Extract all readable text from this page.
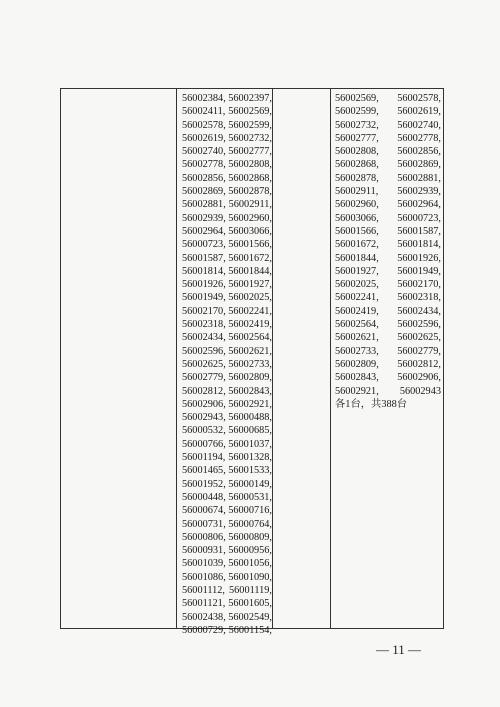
56002384, 56002397,
56002411, 56002569,
56002578, 56002599,
56002619, 56002732,
56002740, 56002777,
56002778, 56002808,
56002856, 56002868,
56002869, 56002878,
56002881, 56002911,
56002939, 56002960,
56002964, 56003066,
56000723, 56001566,
56001587, 56001672,
56001814, 56001844,
56001926, 56001927,
56001949, 56002025,
56002170, 56002241,
56002318, 56002419,
56002434, 56002564,
56002596, 56002621,
56002625, 56002733,
56002779, 56002809,
56002812, 56002843,
56002906, 56002921,
56002943, 56000488,
56000532, 56000685,
56000766, 56001037,
56001194, 56001328,
56001465, 56001533,
56001952, 56000149,
56000448, 56000531,
56000674, 56000716,
56000731, 56000764,
56000806, 56000809,
56000931, 56000956,
56001039, 56001056,
56001086, 56001090,
56001112, 56001119,
56001121, 56001605,
56002438, 56002549,
56000729, 56001154,
56002569, 56002578,
56002599, 56002619,
56002732, 56002740,
56002777, 56002778,
56002808, 56002856,
56002868, 56002869,
56002878, 56002881,
56002911, 56002939,
56002960, 56002964,
56003066, 56000723,
56001566, 56001587,
56001672, 56001814,
56001844, 56001926,
56001927, 56001949,
56002025, 56002170,
56002241, 56002318,
56002419, 56002434,
56002564, 56002596,
56002621, 56002625,
56002733, 56002779,
56002809, 56002812,
56002843, 56002906,
56002921, 56002943
各1台，共388台
— 11 —
